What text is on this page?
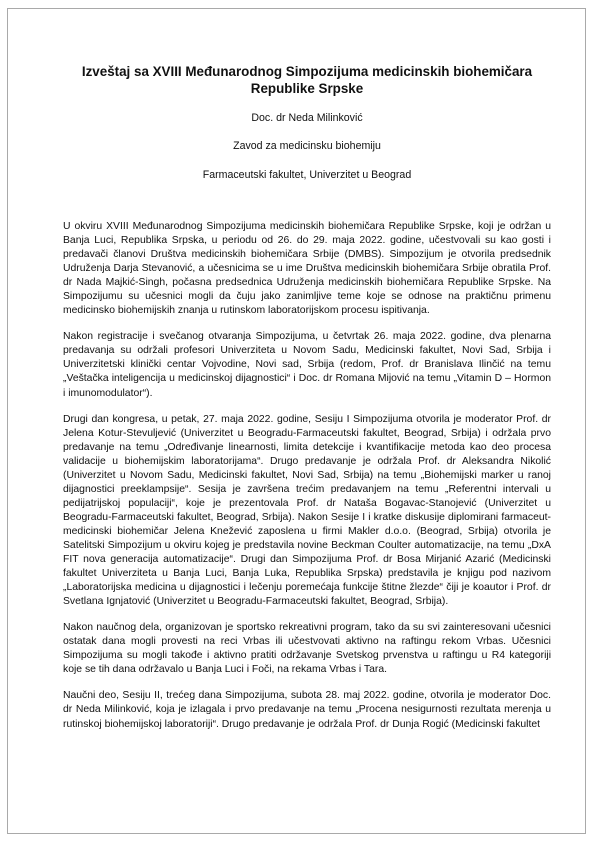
Izveštaj sa XVIII Međunarodnog Simpozijuma medicinskih biohemičara Republike Srpske

Doc. dr Neda Milinković

Zavod za medicinsku biohemiju

Farmaceutski fakultet, Univerzitet u Beograd

U okviru XVIII Međunarodnog Simpozijuma medicinskih biohemičara Republike Srpske, koji je održan u Banja Luci, Republika Srpska, u periodu od 26. do 29. maja 2022. godine, učestvovali su kao gosti i predavači članovi Društva medicinskih biohemičara Srbije (DMBS). Simpozijum je otvorila predsednik Udruženja Darja Stevanović, a učesnicima se u ime Društva medicinskih biohemičara Srbije obratila Prof. dr Nada Majkić-Singh, počasna predsednica Udruženja medicinskih biohemičara Republike Srpske. Na Simpozijumu su učesnici mogli da čuju jako zanimljive teme koje se odnose na praktičnu primenu medicinsko biohemijskih znanja u rutinskom laboratorijskom procesu ispitivanja.

Nakon registracije i svečanog otvaranja Simpozijuma, u četvrtak 26. maja 2022. godine, dva plenarna predavanja su održali profesori Univerziteta u Novom Sadu, Medicinski fakultet, Novi Sad, Srbija i Univerzitetski klinički centar Vojvodine, Novi sad, Srbija (redom, Prof. dr Branislava Ilinčić na temu „Veštačka inteligencija u medicinskoj dijagnostici“ i Doc. dr Romana Mijović na temu „Vitamin D – Hormon i imunomodulator“).

Drugi dan kongresa, u petak, 27. maja 2022. godine, Sesiju I Simpozijuma otvorila je moderator Prof. dr Jelena Kotur-Stevuljević (Univerzitet u Beogradu-Farmaceutski fakultet, Beograd, Srbija) i održala prvo predavanje na temu „Određivanje linearnosti, limita detekcije i kvantifikacije metoda kao deo procesa validacije u biohemijskim laboratorijama“. Drugo predavanje je održala Prof. dr Aleksandra Nikolić (Univerzitet u Novom Sadu, Medicinski fakultet, Novi Sad, Srbija) na temu „Biohemijski marker u ranoj dijagnostici preeklampsije“. Sesija je završena trećim predavanjem na temu „Referentni intervali u pedijatrijskoj populaciji“, koje je prezentovala Prof. dr Nataša Bogavac-Stanojević (Univerzitet u Beogradu-Farmaceutski fakultet, Beograd, Srbija). Nakon Sesije I i kratke diskusije diplomirani farmaceut-medicinski biohemičar Jelena Knežević zaposlena u firmi Makler d.o.o. (Beograd, Srbija) otvorila je Satelitski Simpozijum u okviru kojeg je predstavila novine Beckman Coulter automatizacije, na temu „DxA FIT nova generacija automatizacije“. Drugi dan Simpozijuma Prof. dr Bosa Mirjanić Azarić (Medicinski fakultet Univerziteta u Banja Luci, Banja Luka, Republika Srpska) predstavila je knjigu pod nazivom „Laboratorijska medicina u dijagnostici i lečenju poremećaja funkcije štitne žlezde“ čiji je koautor i Prof. dr Svetlana Ignjatović (Univerzitet u Beogradu-Farmaceutski fakultet, Beograd, Srbija).

Nakon naučnog dela, organizovan je sportsko rekreativni program, tako da su svi zainteresovani učesnici ostatak dana mogli provesti na reci Vrbas ili učestvovati aktivno na raftingu rekom Vrbas. Učesnici Simpozijuma su mogli takođe i aktivno pratiti održavanje Svetskog prvenstva u raftingu u R4 kategoriji koje se tih dana održavalo u Banja Luci i Foči, na rekama Vrbas i Tara.

Naučni deo, Sesiju II, trećeg dana Simpozijuma, subota 28. maj 2022. godine, otvorila je moderator Doc. dr Neda Milinković, koja je izlagala i prvo predavanje na temu „Procena nesigurnosti rezultata merenja u rutinskoj biohemijskoj laboratoriji“. Drugo predavanje je održala Prof. dr Dunja Rogić (Medicinski fakultet
